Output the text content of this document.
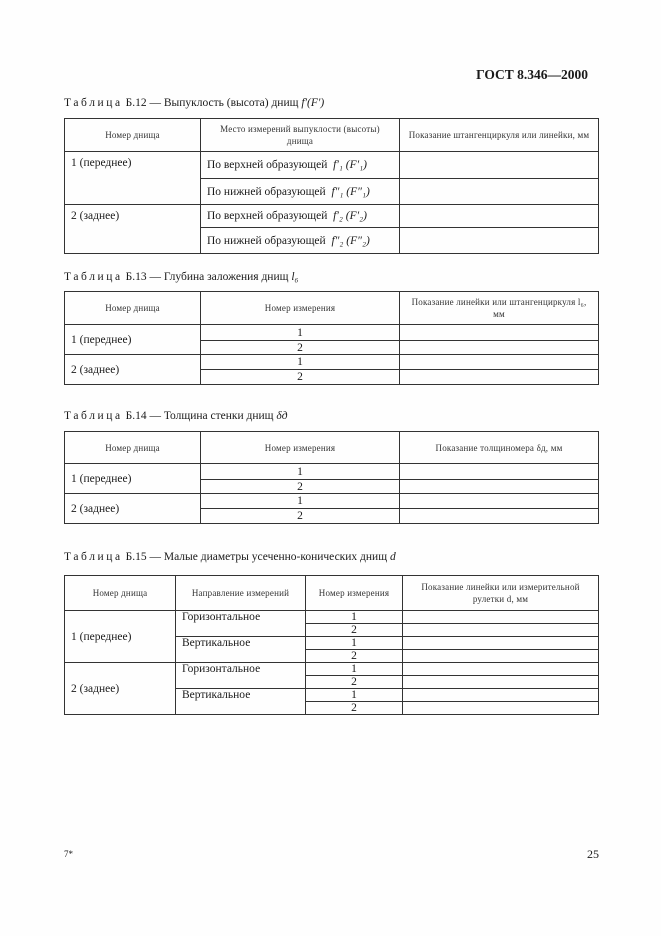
ГОСТ 8.346—2000
Таблица Б.12 — Выпуклость (высота) днищ f′(F′)
Номер днища	Место измерений выпуклости (высоты) днища	Показание штангенциркуля или линейки, мм
1 (переднее)	По верхней образующей f′₁ (F′₁)	
	По нижней образующей f″₁ (F″₁)	
2 (заднее)	По верхней образующей f′₂ (F′₂)	
	По нижней образующей f″₂ (F″₂)	
Таблица Б.13 — Глубина заложения днищ l₆
Номер днища	Номер измерения	Показание линейки или штангенциркуля l₆, мм
1 (переднее)	1	
	2	
2 (заднее)	1	
	2	
Таблица Б.14 — Толщина стенки днищ δд
Номер днища	Номер измерения	Показание толщиномера δд, мм
1 (переднее)	1	
	2	
2 (заднее)	1	
	2	
Таблица Б.15 — Малые диаметры усеченно-конических днищ d
Номер днища	Направление измерений	Номер измерения	Показание линейки или измерительной рулетки d, мм
1 (переднее)	Горизонтальное	1	
		2	
	Вертикальное	1	
		2	
2 (заднее)	Горизонтальное	1	
		2	
	Вертикальное	1	
		2	
7*	25
